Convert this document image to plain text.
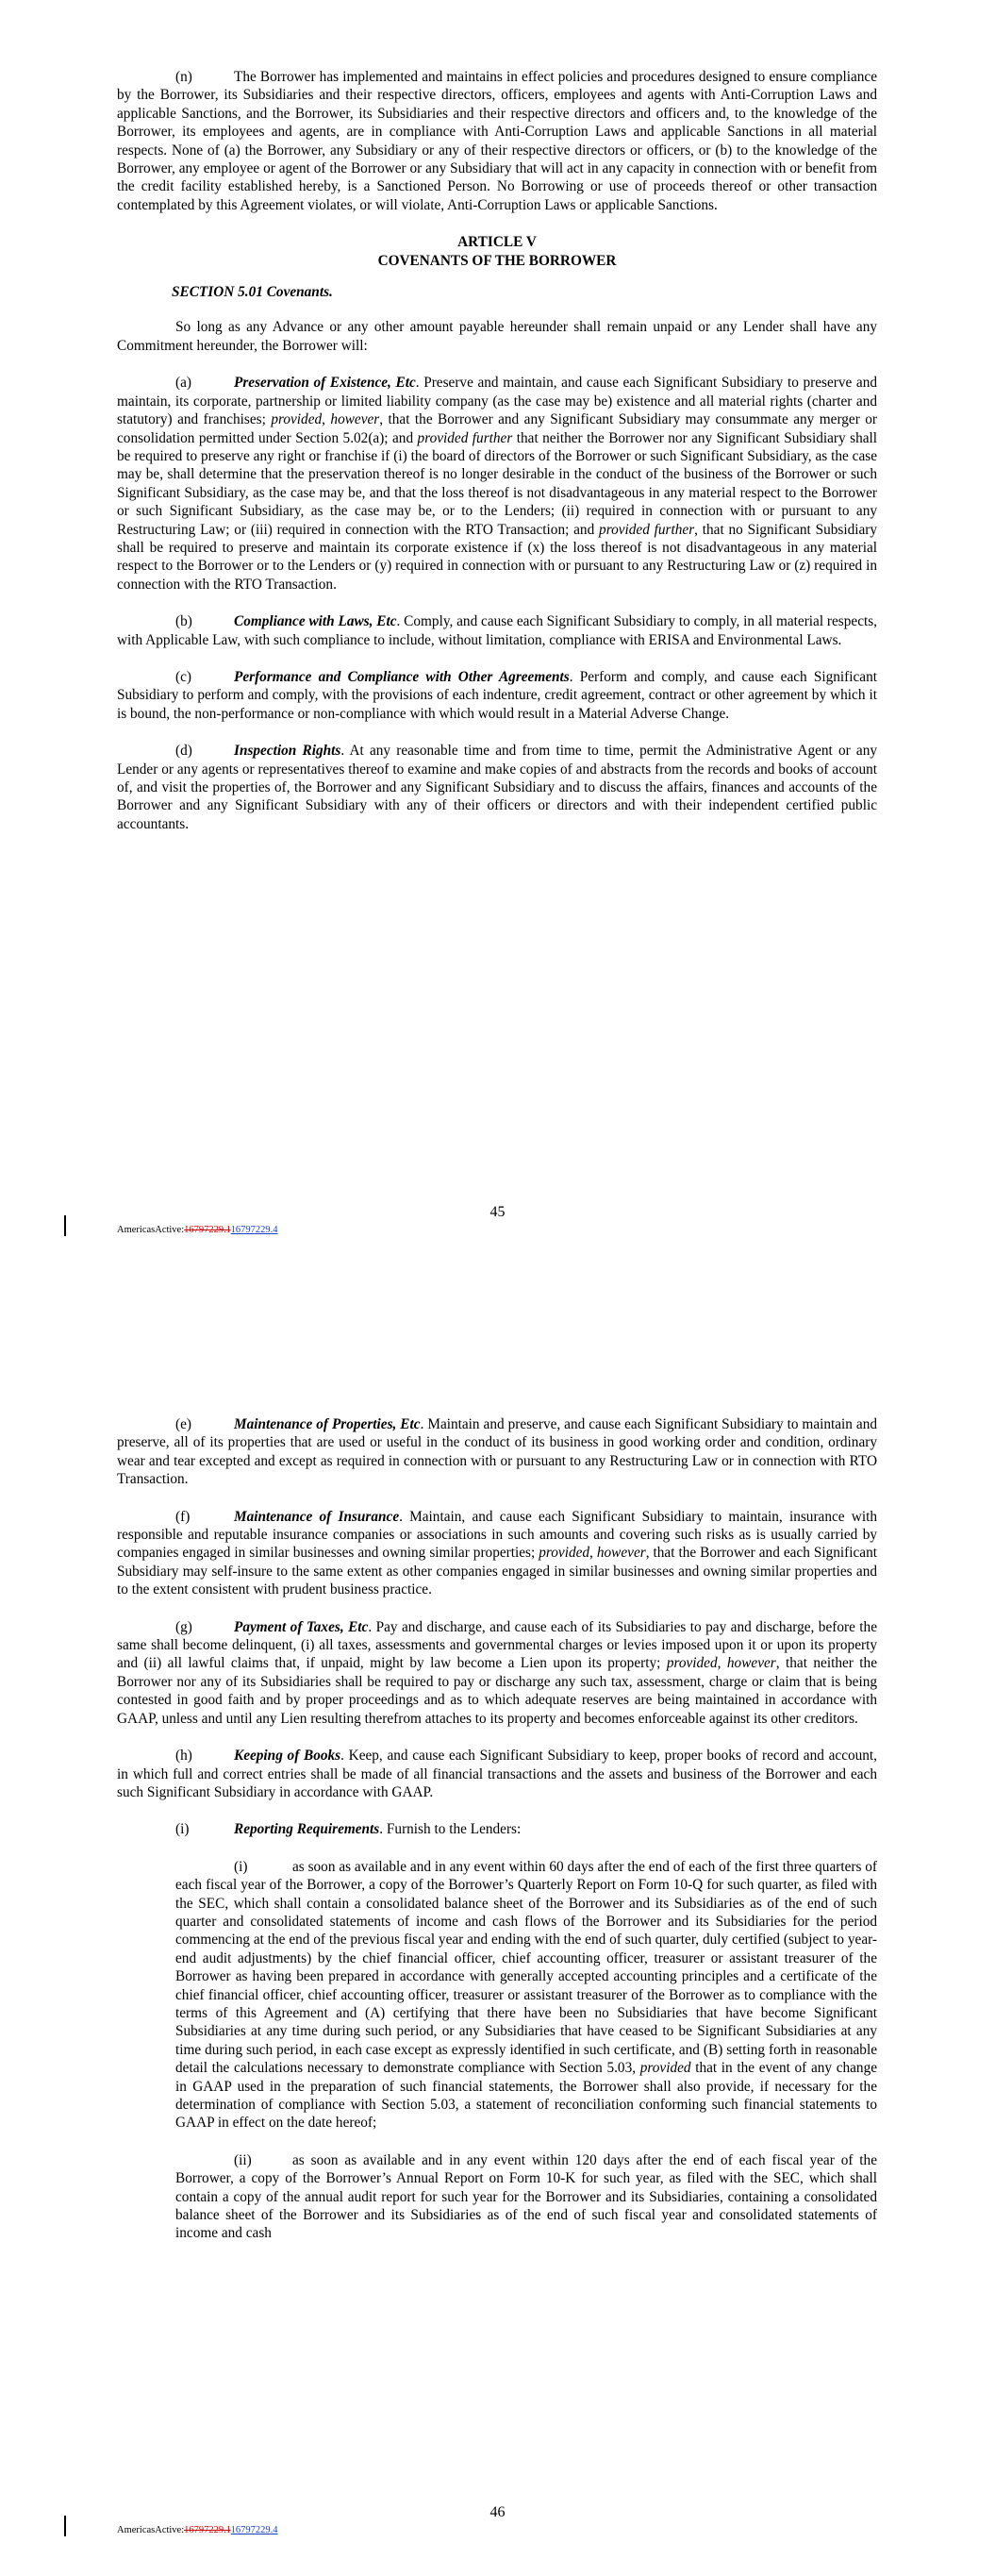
(n)	The Borrower has implemented and maintains in effect policies and procedures designed to ensure compliance by the Borrower, its Subsidiaries and their respective directors, officers, employees and agents with Anti-Corruption Laws and applicable Sanctions, and the Borrower, its Subsidiaries and their respective directors and officers and, to the knowledge of the Borrower, its employees and agents, are in compliance with Anti-Corruption Laws and applicable Sanctions in all material respects. None of (a) the Borrower, any Subsidiary or any of their respective directors or officers, or (b) to the knowledge of the Borrower, any employee or agent of the Borrower or any Subsidiary that will act in any capacity in connection with or benefit from the credit facility established hereby, is a Sanctioned Person. No Borrowing or use of proceeds thereof or other transaction contemplated by this Agreement violates, or will violate, Anti-Corruption Laws or applicable Sanctions.

ARTICLE V

COVENANTS OF THE BORROWER

SECTION 5.01 Covenants.

So long as any Advance or any other amount payable hereunder shall remain unpaid or any Lender shall have any Commitment hereunder, the Borrower will:

(a)	Preservation of Existence, Etc. Preserve and maintain, and cause each Significant Subsidiary to preserve and maintain, its corporate, partnership or limited liability company (as the case may be) existence and all material rights (charter and statutory) and franchises; provided, however, that the Borrower and any Significant Subsidiary may consummate any merger or consolidation permitted under Section 5.02(a); and provided further that neither the Borrower nor any Significant Subsidiary shall be required to preserve any right or franchise if (i) the board of directors of the Borrower or such Significant Subsidiary, as the case may be, shall determine that the preservation thereof is no longer desirable in the conduct of the business of the Borrower or such Significant Subsidiary, as the case may be, and that the loss thereof is not disadvantageous in any material respect to the Borrower or such Significant Subsidiary, as the case may be, or to the Lenders; (ii) required in connection with or pursuant to any Restructuring Law; or (iii) required in connection with the RTO Transaction; and provided further, that no Significant Subsidiary shall be required to preserve and maintain its corporate existence if (x) the loss thereof is not disadvantageous in any material respect to the Borrower or to the Lenders or (y) required in connection with or pursuant to any Restructuring Law or (z) required in connection with the RTO Transaction.

(b)	Compliance with Laws, Etc. Comply, and cause each Significant Subsidiary to comply, in all material respects, with Applicable Law, with such compliance to include, without limitation, compliance with ERISA and Environmental Laws.

(c)	Performance and Compliance with Other Agreements. Perform and comply, and cause each Significant Subsidiary to perform and comply, with the provisions of each indenture, credit agreement, contract or other agreement by which it is bound, the non-performance or non-compliance with which would result in a Material Adverse Change.

(d)	Inspection Rights. At any reasonable time and from time to time, permit the Administrative Agent or any Lender or any agents or representatives thereof to examine and make copies of and abstracts from the records and books of account of, and visit the properties of, the Borrower and any Significant Subsidiary and to discuss the affairs, finances and accounts of the Borrower and any Significant Subsidiary with any of their officers or directors and with their independent certified public accountants.

45
AmericasActive:16797229.116797229.4

(e)	Maintenance of Properties, Etc. Maintain and preserve, and cause each Significant Subsidiary to maintain and preserve, all of its properties that are used or useful in the conduct of its business in good working order and condition, ordinary wear and tear excepted and except as required in connection with or pursuant to any Restructuring Law or in connection with RTO Transaction.

(f)	Maintenance of Insurance. Maintain, and cause each Significant Subsidiary to maintain, insurance with responsible and reputable insurance companies or associations in such amounts and covering such risks as is usually carried by companies engaged in similar businesses and owning similar properties; provided, however, that the Borrower and each Significant Subsidiary may self-insure to the same extent as other companies engaged in similar businesses and owning similar properties and to the extent consistent with prudent business practice.

(g)	Payment of Taxes, Etc. Pay and discharge, and cause each of its Subsidiaries to pay and discharge, before the same shall become delinquent, (i) all taxes, assessments and governmental charges or levies imposed upon it or upon its property and (ii) all lawful claims that, if unpaid, might by law become a Lien upon its property; provided, however, that neither the Borrower nor any of its Subsidiaries shall be required to pay or discharge any such tax, assessment, charge or claim that is being contested in good faith and by proper proceedings and as to which adequate reserves are being maintained in accordance with GAAP, unless and until any Lien resulting therefrom attaches to its property and becomes enforceable against its other creditors.

(h)	Keeping of Books. Keep, and cause each Significant Subsidiary to keep, proper books of record and account, in which full and correct entries shall be made of all financial transactions and the assets and business of the Borrower and each such Significant Subsidiary in accordance with GAAP.

(i)	Reporting Requirements. Furnish to the Lenders:

(i)	as soon as available and in any event within 60 days after the end of each of the first three quarters of each fiscal year of the Borrower, a copy of the Borrower’s Quarterly Report on Form 10-Q for such quarter, as filed with the SEC, which shall contain a consolidated balance sheet of the Borrower and its Subsidiaries as of the end of such quarter and consolidated statements of income and cash flows of the Borrower and its Subsidiaries for the period commencing at the end of the previous fiscal year and ending with the end of such quarter, duly certified (subject to year-end audit adjustments) by the chief financial officer, chief accounting officer, treasurer or assistant treasurer of the Borrower as having been prepared in accordance with generally accepted accounting principles and a certificate of the chief financial officer, chief accounting officer, treasurer or assistant treasurer of the Borrower as to compliance with the terms of this Agreement and (A) certifying that there have been no Subsidiaries that have become Significant Subsidiaries at any time during such period, or any Subsidiaries that have ceased to be Significant Subsidiaries at any time during such period, in each case except as expressly identified in such certificate, and (B) setting forth in reasonable detail the calculations necessary to demonstrate compliance with Section 5.03, provided that in the event of any change in GAAP used in the preparation of such financial statements, the Borrower shall also provide, if necessary for the determination of compliance with Section 5.03, a statement of reconciliation conforming such financial statements to GAAP in effect on the date hereof;

(ii)	as soon as available and in any event within 120 days after the end of each fiscal year of the Borrower, a copy of the Borrower’s Annual Report on Form 10-K for such year, as filed with the SEC, which shall contain a copy of the annual audit report for such year for the Borrower and its Subsidiaries, containing a consolidated balance sheet of the Borrower and its Subsidiaries as of the end of such fiscal year and consolidated statements of income and cash

46
AmericasActive:16797229.116797229.4
